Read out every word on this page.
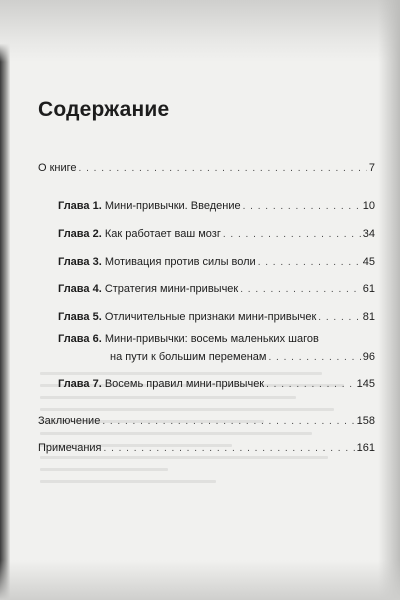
Содержание
О книге . . .	7
Глава 1. Мини-привычки. Введение . . .	10
Глава 2. Как работает ваш мозг . . .	34
Глава 3. Мотивация против силы воли . . .	45
Глава 4. Стратегия мини-привычек . . .	61
Глава 5. Отличительные признаки мини-привычек . . .	81
Глава 6. Мини-привычки: восемь маленьких шагов
на пути к большим переменам . . .	96
Глава 7. Восемь правил мини-привычек . . .	145
Заключение . . .	158
Примечания . . .	161
